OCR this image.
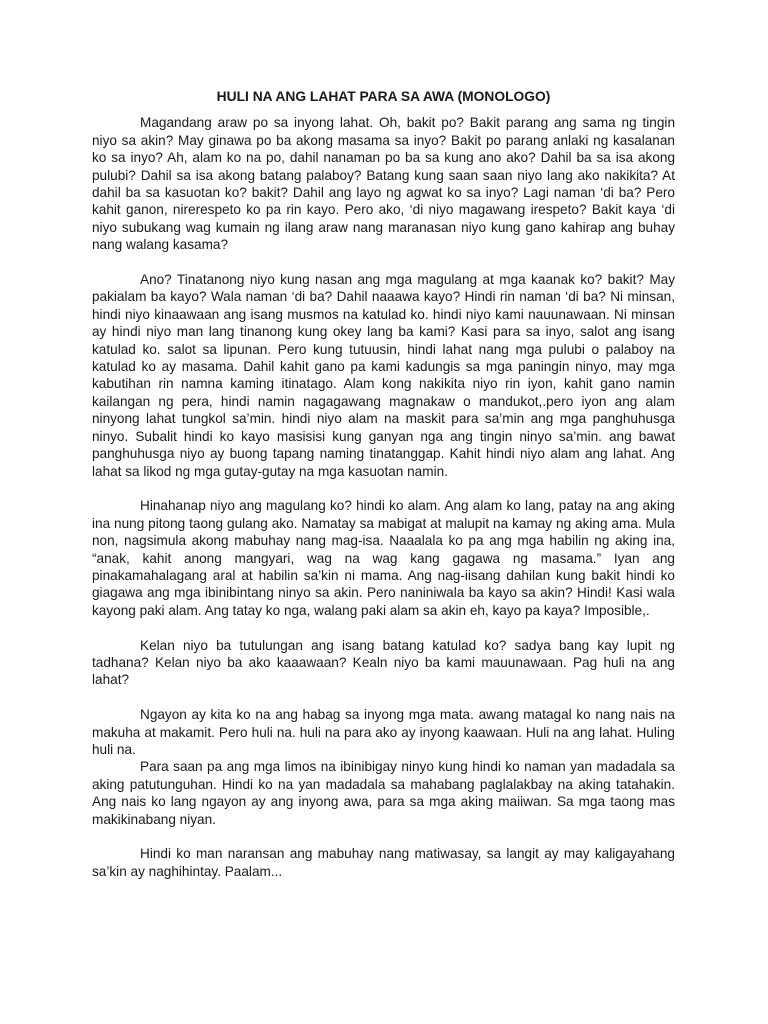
HULI NA ANG LAHAT PARA SA AWA (MONOLOGO)

Magandang araw po sa inyong lahat. Oh, bakit po? Bakit parang ang sama ng tingin niyo sa akin? May ginawa po ba akong masama sa inyo? Bakit po parang anlaki ng kasalanan ko sa inyo? Ah, alam ko na po, dahil nanaman po ba sa kung ano ako? Dahil ba sa isa akong pulubi? Dahil sa isa akong batang palaboy? Batang kung saan saan niyo lang ako nakikita? At dahil ba sa kasuotan ko? bakit? Dahil ang layo ng agwat ko sa inyo? Lagi naman ‘di ba? Pero kahit ganon, nirerespeto ko pa rin kayo. Pero ako, ‘di niyo magawang irespeto? Bakit kaya ‘di niyo subukang wag kumain ng ilang araw nang maranasan niyo kung gano kahirap ang buhay nang walang kasama?

Ano? Tinatanong niyo kung nasan ang mga magulang at mga kaanak ko? bakit? May pakialam ba kayo? Wala naman ‘di ba? Dahil naaawa kayo? Hindi rin naman ‘di ba? Ni minsan, hindi niyo kinaawaan ang isang musmos na katulad ko. hindi niyo kami nauunawaan. Ni minsan ay hindi niyo man lang tinanong kung okey lang ba kami? Kasi para sa inyo, salot ang isang katulad ko. salot sa lipunan. Pero kung tutuusin, hindi lahat nang mga pulubi o palaboy na katulad ko ay masama. Dahil kahit gano pa kami kadungis sa mga paningin ninyo, may mga kabutihan rin namna kaming itinatago. Alam kong nakikita niyo rin iyon, kahit gano namin kailangan ng pera, hindi namin nagagawang magnakaw o mandukot,.pero iyon ang alam ninyong lahat tungkol sa’min. hindi niyo alam na maskit para sa’min ang mga panghuhusga ninyo. Subalit hindi ko kayo masisisi kung ganyan nga ang tingin ninyo sa’min. ang bawat panghuhusga niyo ay buong tapang naming tinatanggap. Kahit hindi niyo alam ang lahat. Ang lahat sa likod ng mga gutay-gutay na mga kasuotan namin.

Hinahanap niyo ang magulang ko? hindi ko alam. Ang alam ko lang, patay na ang aking ina nung pitong taong gulang ako. Namatay sa mabigat at malupit na kamay ng aking ama. Mula non, nagsimula akong mabuhay nang mag-isa. Naaalala ko pa ang mga habilin ng aking ina, “anak, kahit anong mangyari, wag na wag kang gagawa ng masama.” Iyan ang pinakamahalagang aral at habilin sa’kin ni mama. Ang nag-iisang dahilan kung bakit hindi ko giagawa ang mga ibinibintang ninyo sa akin. Pero naniniwala ba kayo sa akin? Hindi! Kasi wala kayong paki alam. Ang tatay ko nga, walang paki alam sa akin eh, kayo pa kaya? Imposible,.

Kelan niyo ba tutulungan ang isang batang katulad ko? sadya bang kay lupit ng tadhana? Kelan niyo ba ako kaaawaan? Kealn niyo ba kami mauunawaan. Pag huli na ang lahat?

Ngayon ay kita ko na ang habag sa inyong mga mata. awang matagal ko nang nais na makuha at makamit. Pero huli na. huli na para ako ay inyong kaawaan. Huli na ang lahat. Huling huli na.

Para saan pa ang mga limos na ibinibigay ninyo kung hindi ko naman yan madadala sa aking patutunguhan. Hindi ko na yan madadala sa mahabang paglalakbay na aking tatahakin. Ang nais ko lang ngayon ay ang inyong awa, para sa mga aking maiiwan. Sa mga taong mas makikinabang niyan.

Hindi ko man naransan ang mabuhay nang matiwasay, sa langit ay may kaligayahang sa’kin ay naghihintay. Paalam...
